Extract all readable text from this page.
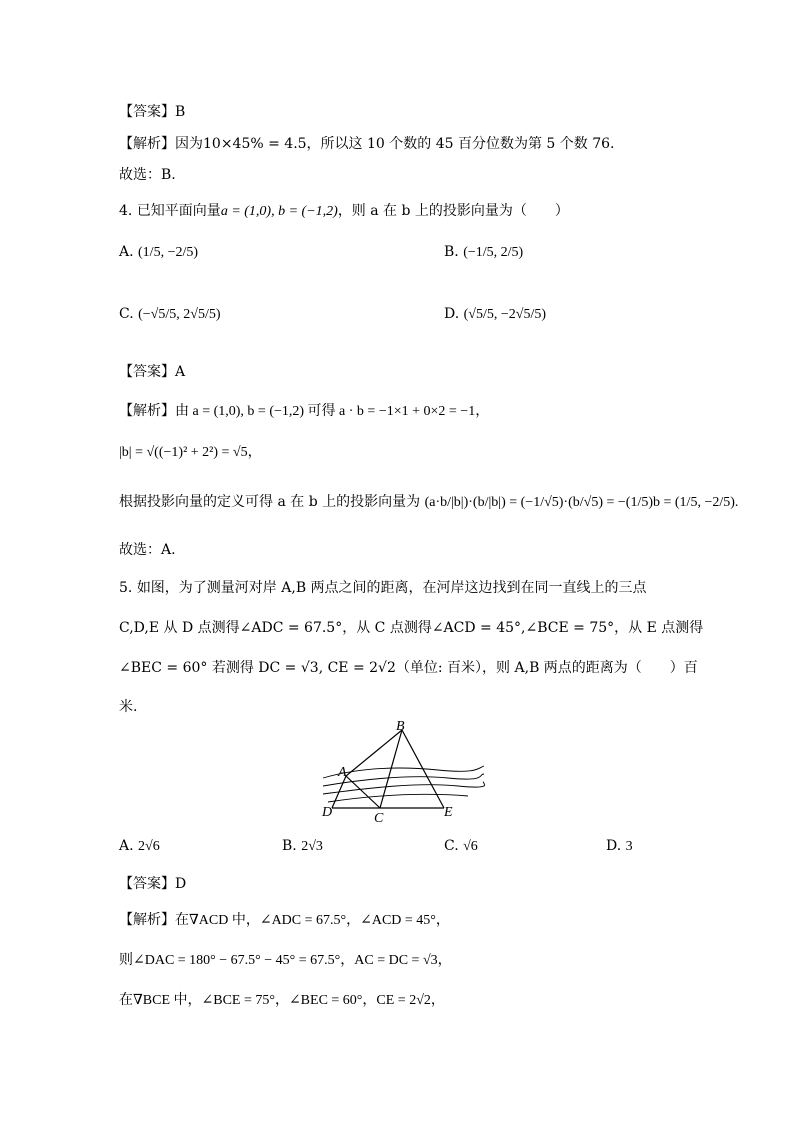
【答案】B
【解析】因为10×45% = 4.5，所以这 10 个数的 45 百分位数为第 5 个数 76.
故选：B.
4. 已知平面向量a = (1,0), b = (−1,2)，则 a 在 b 上的投影向量为（　　）
A. (1/5, −2/5)	B. (−1/5, 2/5)
C. (−√5/5, 2√5/5)	D. (√5/5, −2√5/5)
【答案】A
【解析】由 a = (1,0), b = (−1,2) 可得 a · b = −1×1 + 0×2 = −1，
|b| = √((−1)² + 2²) = √5，
根据投影向量的定义可得 a 在 b 上的投影向量为 (a·b/|b|)·(b/|b|) = (−1/√5)·(b/√5) = −(1/5)b = (1/5, −2/5).
故选：A.
5. 如图，为了测量河对岸 A,B 两点之间的距离，在河岸这边找到在同一直线上的三点
C,D,E 从 D 点测得∠ADC = 67.5°，从 C 点测得∠ACD = 45°,∠BCE = 75°，从 E 点测得
∠BEC = 60° 若测得 DC = √3, CE = 2√2（单位: 百米），则 A,B 两点的距离为（　　）百
米.
B
A
D	C	E
A. 2√6	B. 2√3	C. √6	D. 3
【答案】D
【解析】在∇ACD 中，∠ADC = 67.5°，∠ACD = 45°，
则∠DAC = 180° − 67.5° − 45° = 67.5°，AC = DC = √3，
在∇BCE 中，∠BCE = 75°，∠BEC = 60°，CE = 2√2，
